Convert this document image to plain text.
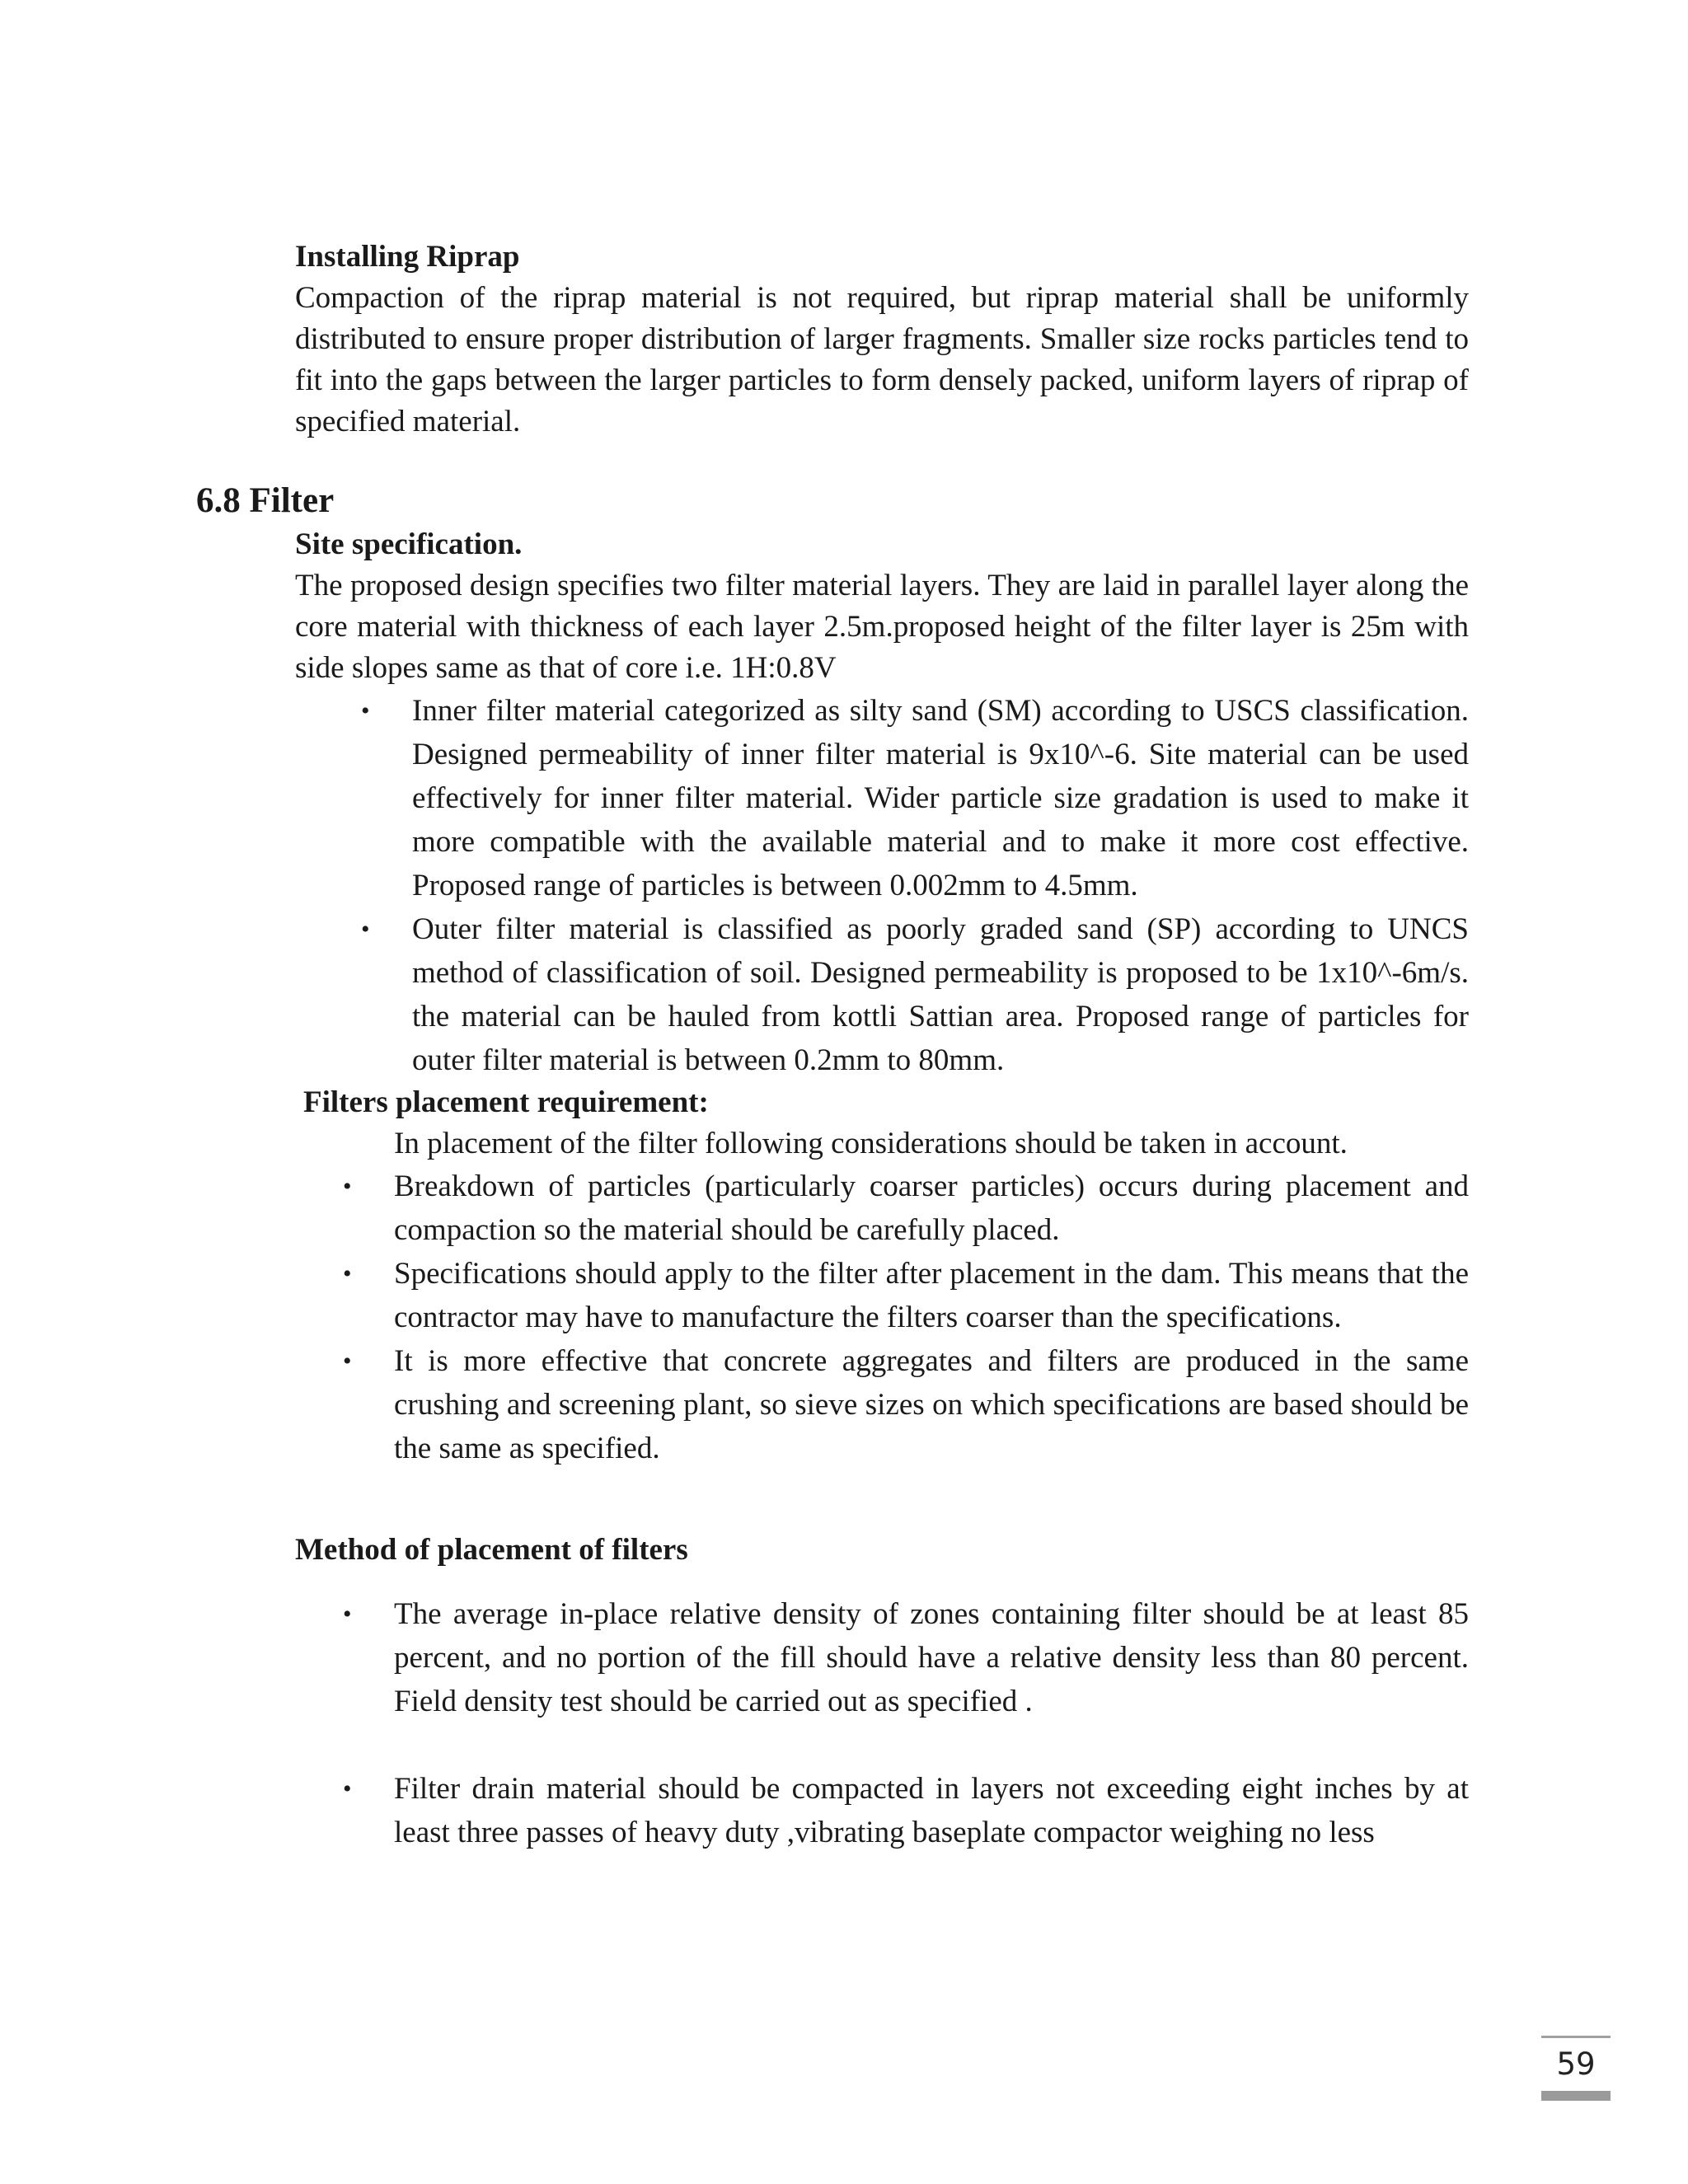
Installing Riprap

Compaction of the riprap material is not required, but riprap material shall be uniformly distributed to ensure proper distribution of larger fragments. Smaller size rocks particles tend to fit into the gaps between the larger particles to form densely packed, uniform layers of riprap of specified material.

6.8 Filter

Site specification.

The proposed design specifies two filter material layers. They are laid in parallel layer along the core material with thickness of each layer 2.5m.proposed height of the filter layer is 25m with side slopes same as that of core i.e. 1H:0.8V

• Inner filter material categorized as silty sand (SM) according to USCS classification. Designed permeability of inner filter material is 9x10^-6. Site material can be used effectively for inner filter material. Wider particle size gradation is used to make it more compatible with the available material and to make it more cost effective. Proposed range of particles is between 0.002mm to 4.5mm.
• Outer filter material is classified as poorly graded sand (SP) according to UNCS method of classification of soil. Designed permeability is proposed to be 1x10^-6m/s. the material can be hauled from kottli Sattian area. Proposed range of particles for outer filter material is between 0.2mm to 80mm.

Filters placement requirement:

In placement of the filter following considerations should be taken in account.

• Breakdown of particles (particularly coarser particles) occurs during placement and compaction so the material should be carefully placed.
• Specifications should apply to the filter after placement in the dam. This means that the contractor may have to manufacture the filters coarser than the specifications.
• It is more effective that concrete aggregates and filters are produced in the same crushing and screening plant, so sieve sizes on which specifications are based should be the same as specified.

Method of placement of filters

• The average in-place relative density of zones containing filter should be at least 85 percent, and no portion of the fill should have a relative density less than 80 percent. Field density test should be carried out as specified .
• Filter drain material should be compacted in layers not exceeding eight inches by at least three passes of heavy duty ,vibrating baseplate compactor weighing no less
59
